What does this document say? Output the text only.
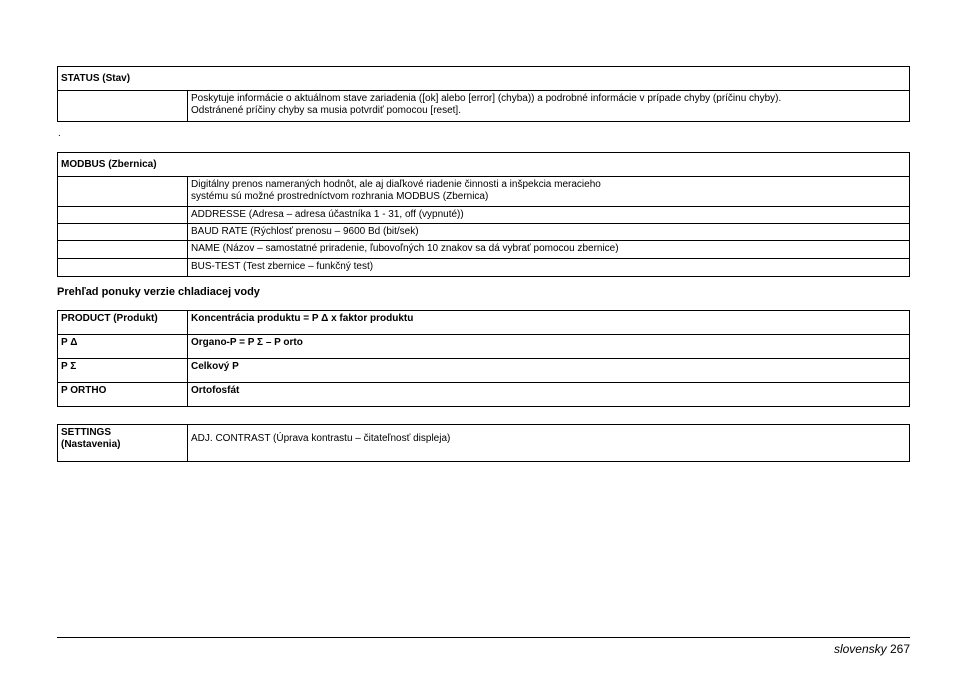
STATUS (Stav)

Poskytuje informácie o aktuálnom stave zariadenia ([ok] alebo [error] (chyba)) a podrobné informácie v prípade chyby (príčinu chyby).
Odstránené príčiny chyby sa musia potvrdiť pomocou [reset].
.
MODBUS (Zbernica)	

	Digitálny prenos nameraných hodnôt, ale aj diaľkové riadenie činnosti a inšpekcia meracieho
systému sú možné prostredníctvom rozhrania MODBUS (Zbernica)

	ADDRESSE (Adresa – adresa účastníka 1 - 31, off (vypnuté))
	BAUD RATE (Rýchlosť prenosu – 9600 Bd (bit/sek)
	NAME (Názov – samostatné priradenie, ľubovoľných 10 znakov sa dá vybrať pomocou zbernice)
	BUS-TEST (Test zbernice – funkčný test)
Prehľad ponuky verzie chladiacej vody
PRODUCT (Produkt)	Koncentrácia produktu = P Δ x faktor produktu
P Δ	Organo-P = P Σ – P orto
P Σ	Celkový P
P ORTHO	Ortofosfát
SETTINGS
(Nastavenia)
	ADJ. CONTRAST (Úprava kontrastu – čitateľnosť displeja)
slovensky 267
